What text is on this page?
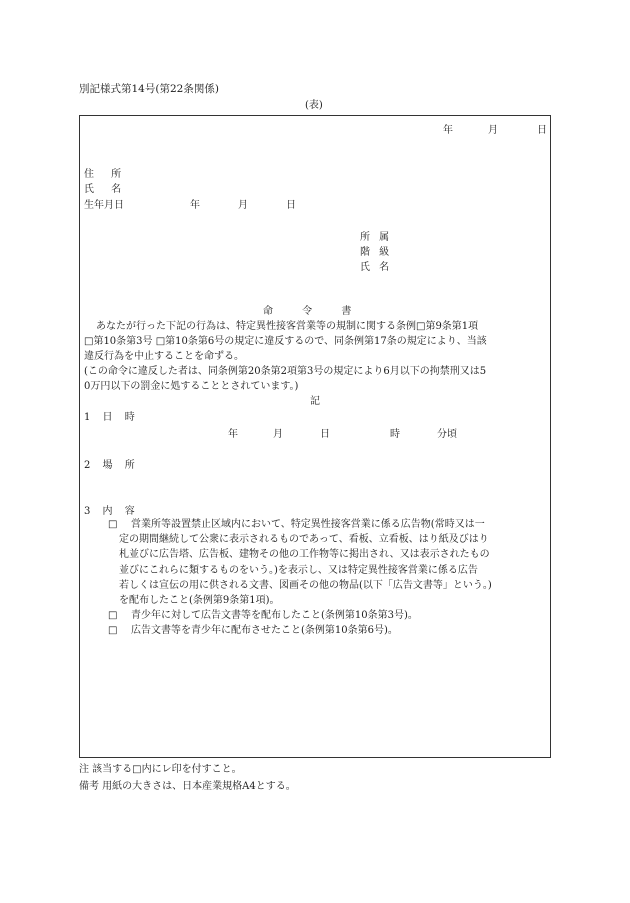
別記様式第14号(第22条関係)
(表)
年	月	日
住 所
氏 名
生年月日	年	月	日
所 属
階 級
氏 名
命 令 書
あなたが行った下記の行為は、特定異性接客営業等の規制に関する条例□第9条第1項
□第10条第3号 □第10条第6号の規定に違反するので、同条例第17条の規定により、当該
違反行為を中止することを命ずる。
(この命令に違反した者は、同条例第20条第2項第3号の規定により6月以下の拘禁刑又は5
0万円以下の罰金に処することとされています。)
記
1 日 時
年	月	日	時	分頃
2 場 所
3 内 容
□ 営業所等設置禁止区域内において、特定異性接客営業に係る広告物(常時又は一
定の期間継続して公衆に表示されるものであって、看板、立看板、はり紙及びはり
札並びに広告塔、広告板、建物その他の工作物等に掲出され、又は表示されたもの
並びにこれらに類するものをいう。)を表示し、又は特定異性接客営業に係る広告
若しくは宣伝の用に供される文書、図画その他の物品(以下「広告文書等」という。)
を配布したこと(条例第9条第1項)。
□ 青少年に対して広告文書等を配布したこと(条例第10条第3号)。
□ 広告文書等を青少年に配布させたこと(条例第10条第6号)。
注 該当する□内にレ印を付すこと。
備考 用紙の大きさは、日本産業規格A4とする。
